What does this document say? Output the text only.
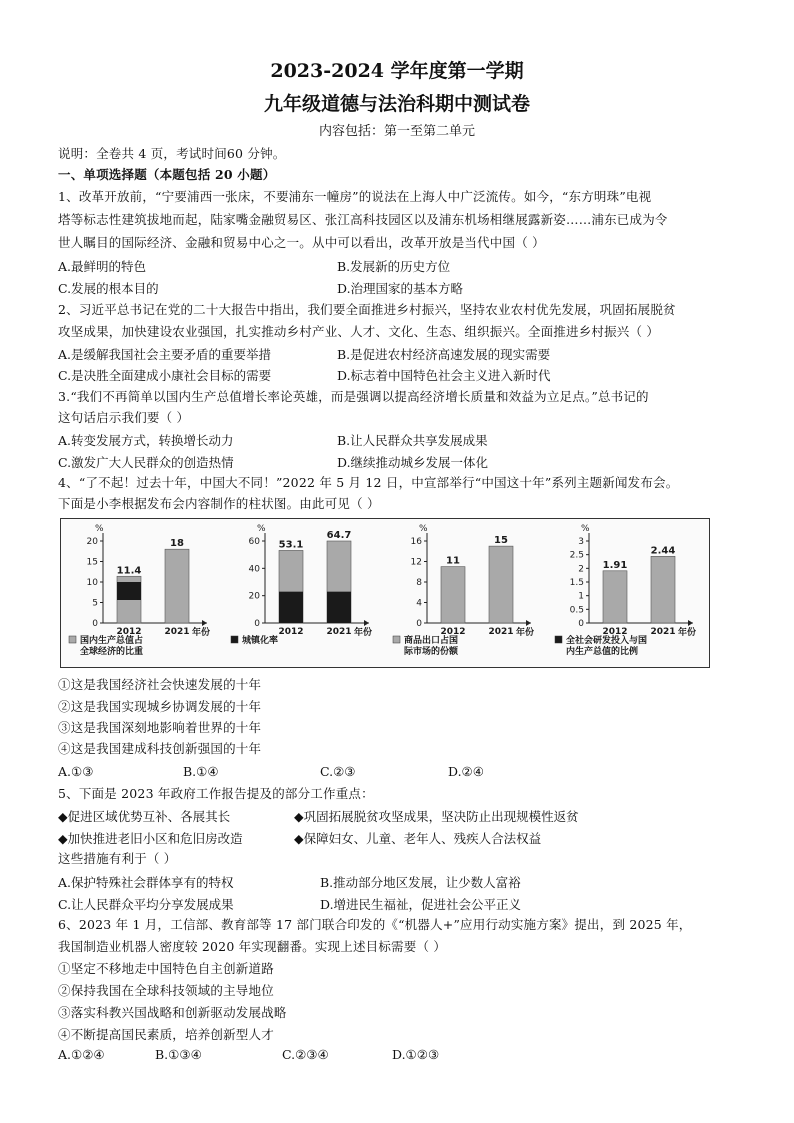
2023-2024 学年度第一学期
九年级道德与法治科期中测试卷
内容包括：第一至第二单元
说明：全卷共 4 页，考试时间60 分钟。
一、单项选择题（本题包括 20 小题）
1、改革开放前，“宁要浦西一张床，不要浦东一幢房”的说法在上海人中广泛流传。如今，“东方明珠”电视
塔等标志性建筑拔地而起，陆家嘴金融贸易区、张江高科技园区以及浦东机场相继展露新姿……浦东已成为令
世人瞩目的国际经济、金融和贸易中心之一。从中可以看出，改革开放是当代中国（ ）
A.最鲜明的特色	B.发展新的历史方位
C.发展的根本目的	D.治理国家的基本方略
2、习近平总书记在党的二十大报告中指出，我们要全面推进乡村振兴，坚持农业农村优先发展，巩固拓展脱贫
攻坚成果，加快建设农业强国，扎实推动乡村产业、人才、文化、生态、组织振兴。全面推进乡村振兴（ ）
A.是缓解我国社会主要矛盾的重要举措	B.是促进农村经济高速发展的现实需要
C.是决胜全面建成小康社会目标的需要	D.标志着中国特色社会主义进入新时代
3.“我们不再简单以国内生产总值增长率论英雄，而是强调以提高经济增长质量和效益为立足点。”总书记的
这句话启示我们要（ ）
A.转变发展方式，转换增长动力	B.让人民群众共享发展成果
C.激发广大人民群众的创造热情	D.继续推动城乡发展一体化
4、“了不起！过去十年，中国大不同！”2022 年 5 月 12 日，中宣部举行“中国这十年”系列主题新闻发布会。
下面是小李根据发布会内容制作的柱状图。由此可见（ ）
%
0
5
10
15
20
11.4
2012
18
2021 年份
国内生产总值占
全球经济的比重
%
0
20
40
60 53.1
2012
64.7
2021 年份
城镇化率
%
0
4
8
12
16
11
2012
15
2021 年份
商品出口占国
际市场的份额
%
0
0.5
1
1.5
2
2.5
3
1.91
2012
2.44
2021 年份
全社会研发投入与国
内生产总值的比例
①这是我国经济社会快速发展的十年
②这是我国实现城乡协调发展的十年
③这是我国深刻地影响着世界的十年
④这是我国建成科技创新强国的十年
A.①③	B.①④	C.②③	D.②④
5、下面是 2023 年政府工作报告提及的部分工作重点：
◆促进区域优势互补、各展其长	◆巩固拓展脱贫攻坚成果，坚决防止出现规模性返贫
◆加快推进老旧小区和危旧房改造	◆保障妇女、儿童、老年人、残疾人合法权益
这些措施有利于（ ）
A.保护特殊社会群体享有的特权	B.推动部分地区发展，让少数人富裕
C.让人民群众平均分享发展成果	D.增进民生福祉，促进社会公平正义
6、2023 年 1 月，工信部、教育部等 17 部门联合印发的《“机器人+”应用行动实施方案》提出，到 2025 年，
我国制造业机器人密度较 2020 年实现翻番。实现上述目标需要（ ）
①坚定不移地走中国特色自主创新道路
②保持我国在全球科技领域的主导地位
③落实科教兴国战略和创新驱动发展战略
④不断提高国民素质，培养创新型人才
A.①②④	B.①③④	C.②③④	D.①②③
